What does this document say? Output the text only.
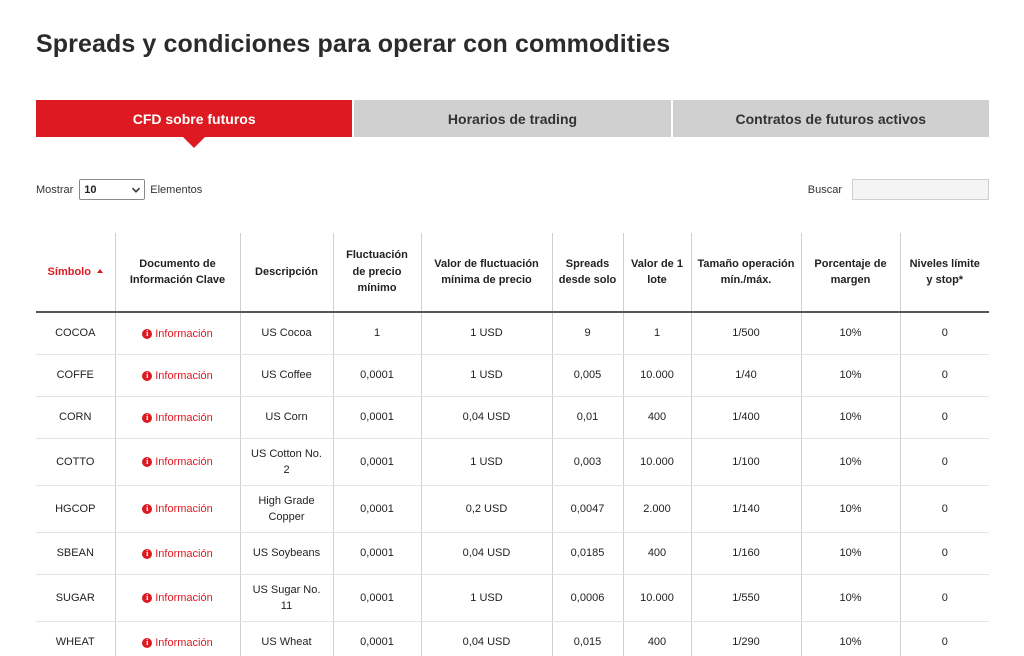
Spreads y condiciones para operar con commodities
CFD sobre futuros	Horarios de trading	Contratos de futuros activos
Mostrar 10	Elementos	Buscar
Símbolo	Documento de Información Clave	Descripción	Fluctuación de precio mínimo	Valor de fluctuación mínima de precio	Spreads desde solo	Valor de 1 lote	Tamaño operación mín./máx.	Porcentaje de margen	Niveles límite y stop*
COCOA	i Información	US Cocoa	1	1 USD	9	1	1/500	10%	0
COFFE	i Información	US Coffee	0,0001	1 USD	0,005	10.000	1/40	10%	0
CORN	i Información	US Corn	0,0001	0,04 USD	0,01	400	1/400	10%	0
COTTO	i Información	US Cotton No. 2	0,0001	1 USD	0,003	10.000	1/100	10%	0
HGCOP	i Información	High Grade Copper	0,0001	0,2 USD	0,0047	2.000	1/140	10%	0
SBEAN	i Información	US Soybeans	0,0001	0,04 USD	0,0185	400	1/160	10%	0
SUGAR	i Información	US Sugar No. 11	0,0001	1 USD	0,0006	10.000	1/550	10%	0
WHEAT	i Información	US Wheat	0,0001	0,04 USD	0,015	400	1/290	10%	0
